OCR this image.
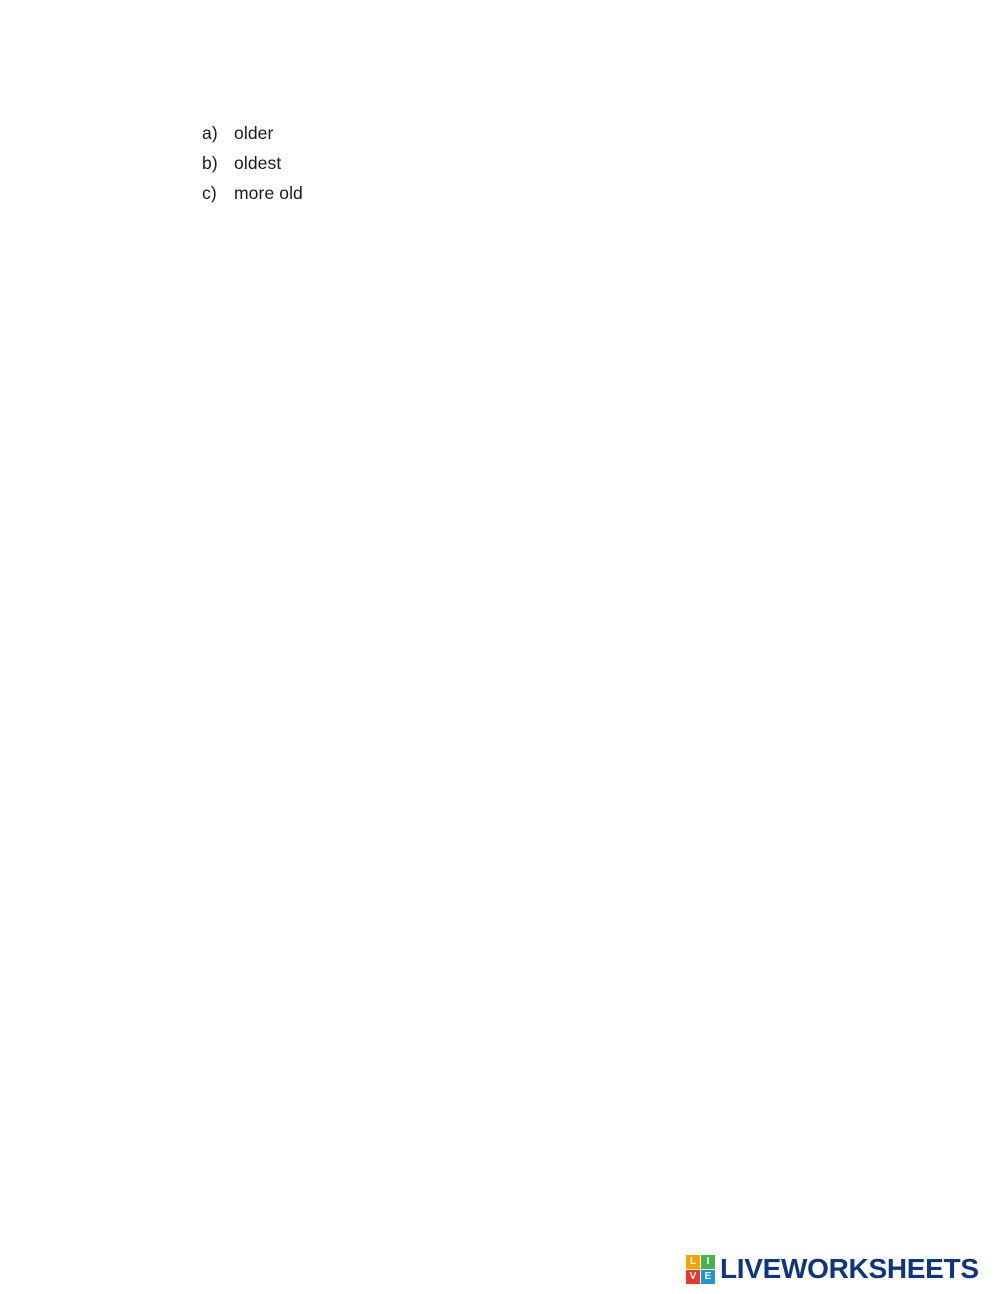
a) older
b) oldest
c) more old
L	I
V E LIVEWORKSHEETS
